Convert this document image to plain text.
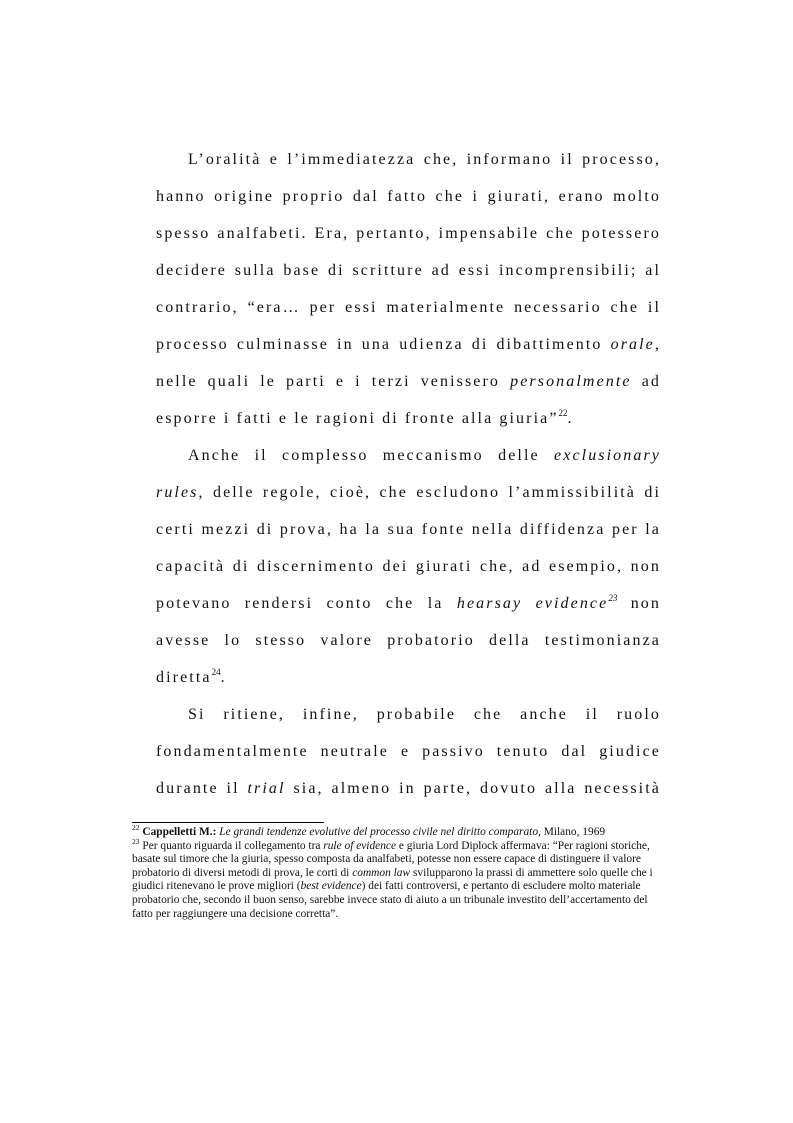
L’oralità e l’immediatezza che, informano il processo,
hanno origine proprio dal fatto che i giurati, erano molto
spesso analfabeti. Era, pertanto, impensabile che potessero
decidere sulla base di scritture ad essi incomprensibili; al
contrario, “era… per essi materialmente necessario che il
processo culminasse in una udienza di dibattimento orale,
nelle quali le parti e i terzi venissero personalmente ad
esporre i fatti e le ragioni di fronte alla giuria”$^{22}$.
Anche il complesso meccanismo delle exclusionary
rules, delle regole, cioè, che escludono l’ammissibilità di
certi mezzi di prova, ha la sua fonte nella diffidenza per la
capacità di discernimento dei giurati che, ad esempio, non
potevano rendersi conto che la hearsay evidence$^{23}$ non
avesse lo stesso valore probatorio della testimonianza
diretta$^{24}$.
Si ritiene, infine, probabile che anche il ruolo
fondamentalmente neutrale e passivo tenuto dal giudice
durante il trial sia, almeno in parte, dovuto alla necessità

$^{22}$ Cappelletti M.: Le grandi tendenze evolutive del processo civile nel diritto comparato, Milano, 1969

$^{23}$ Per quanto riguarda il collegamento tra rule of evidence e giuria Lord Diplock affermava: “Per ragioni storiche, basate sul timore che la giuria, spesso composta da analfabeti, potesse non essere capace di distinguere il valore probatorio di diversi metodi di prova, le corti di common law svilupparono la prassi di ammettere solo quelle che i giudici ritenevano le prove migliori (best evidence) dei fatti controversi, e pertanto di escludere molto materiale probatorio che, secondo il buon senso, sarebbe invece stato di aiuto a un tribunale investito dell’accertamento del fatto per raggiungere una decisione corretta”.
